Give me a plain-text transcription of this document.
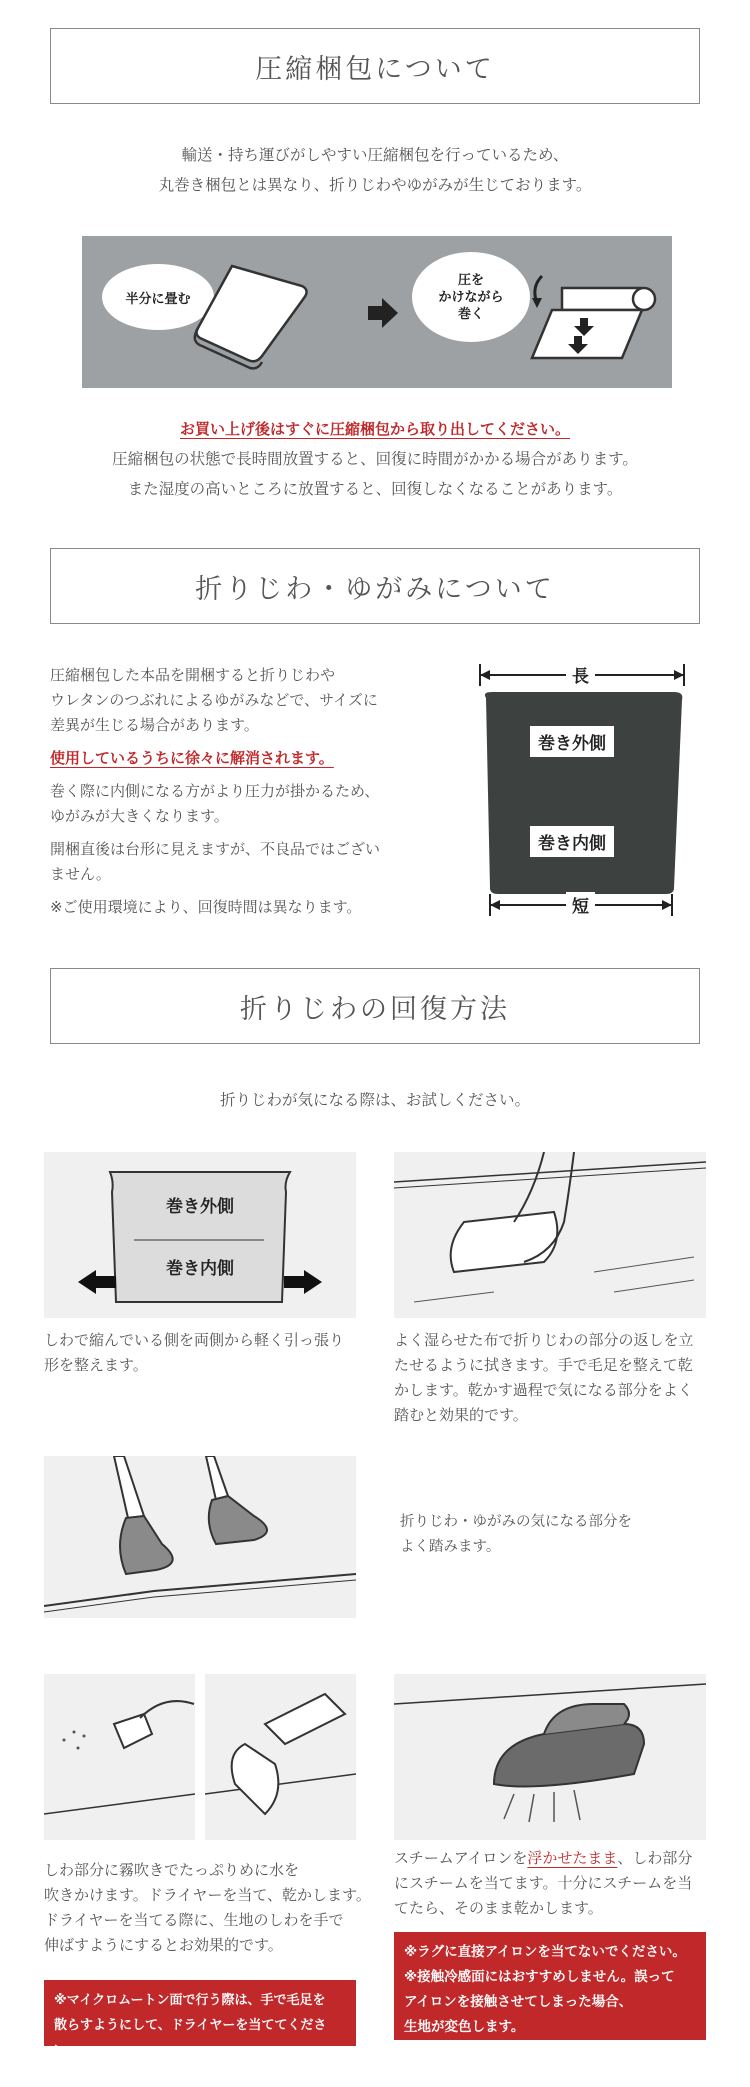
圧縮梱包について
輸送・持ち運びがしやすい圧縮梱包を行っているため、
丸巻き梱包とは異なり、折りじわやゆがみが生じております。
半分に畳む
圧を
かけながら
巻く
お買い上げ後はすぐに圧縮梱包から取り出してください。
圧縮梱包の状態で長時間放置すると、回復に時間がかかる場合があります。
また湿度の高いところに放置すると、回復しなくなることがあります。
折りじわ・ゆがみについて
圧縮梱包した本品を開梱すると折りじわや
ウレタンのつぶれによるゆがみなどで、サイズに
差異が生じる場合があります。
使用しているうちに徐々に解消されます。
巻く際に内側になる方がより圧力が掛かるため、
ゆがみが大きくなります。
開梱直後は台形に見えますが、不良品ではござい
ません。
※ご使用環境により、回復時間は異なります。
長
短
巻き外側
巻き内側
折りじわの回復方法
折りじわが気になる際は、お試しください。
巻き外側
巻き内側
しわで縮んでいる側を両側から軽く引っ張り
形を整えます。
よく湿らせた布で折りじわの部分の返しを立
たせるように拭きます。手で毛足を整えて乾
かします。乾かす過程で気になる部分をよく
踏むと効果的です。
折りじわ・ゆがみの気になる部分を
よく踏みます。
しわ部分に霧吹きでたっぷりめに水を
吹きかけます。ドライヤーを当て、乾かします。
ドライヤーを当てる際に、生地のしわを手で
伸ばすようにするとお効果的です。
※マイクロムートン面で行う際は、手で毛足を
散らすようにして、ドライヤーを当ててください。
スチームアイロンを浮かせたまま、しわ部分
にスチームを当てます。十分にスチームを当
てたら、そのまま乾かします。
※ラグに直接アイロンを当てないでください。
※接触冷感面にはおすすめしません。誤って
アイロンを接触させてしまった場合、
生地が変色します。
